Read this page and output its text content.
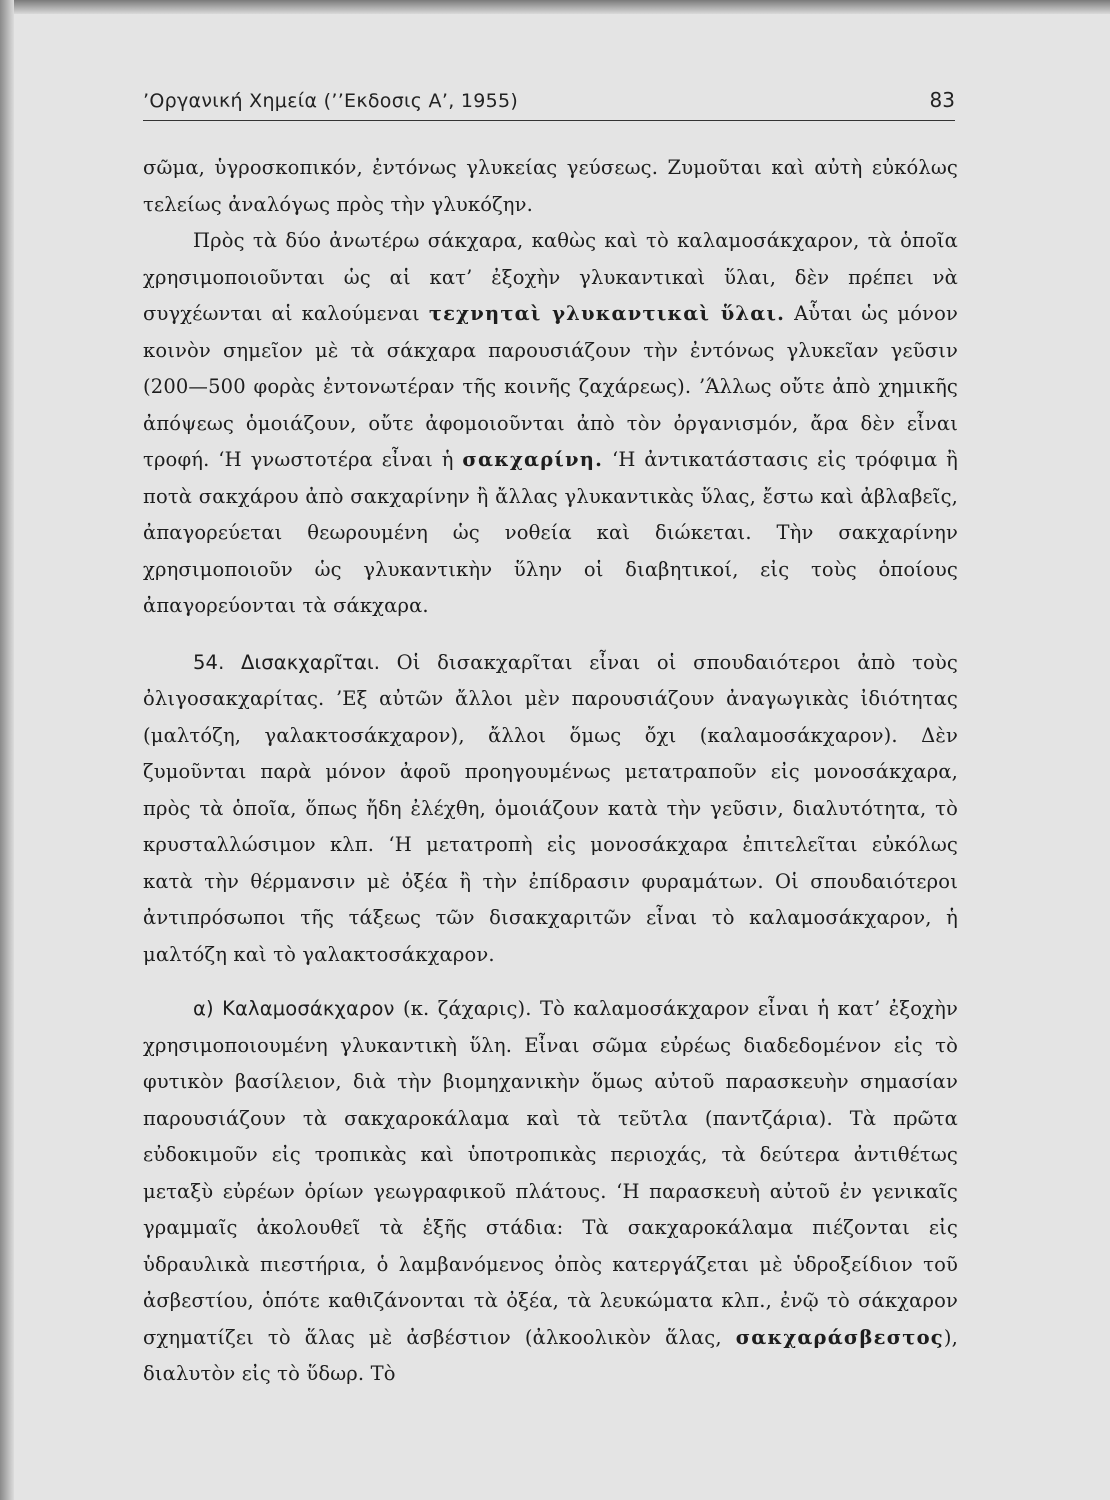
’Οργανική Χημεία (’’Εκδοσις Α’, 1955)	83

σῶμα, ὑγροσκοπικόν, ἐντόνως γλυκείας γεύσεως. Ζυμοῦται καὶ αὐτὴ εὐκόλως τελείως ἀναλόγως πρὸς τὴν γλυκόζην.

Πρὸς τὰ δύο ἀνωτέρω σάκχαρα, καθὼς καὶ τὸ καλαμοσάκχαρον, τὰ ὁποῖα χρησιμοποιοῦνται ὡς αἱ κατ’ ἐξοχὴν γλυκαντικαὶ ὕλαι, δὲν πρέπει νὰ συγχέωνται αἱ καλούμεναι τεχνηταὶ γλυκαντικαὶ ὕλαι. Αὗται ὡς μόνον κοινὸν σημεῖον μὲ τὰ σάκχαρα παρουσιάζουν τὴν ἐντόνως γλυκεῖαν γεῦσιν (200—500 φορὰς ἐντονωτέραν τῆς κοινῆς ζαχάρεως). ’Άλλως οὔτε ἀπὸ χημικῆς ἀπόψεως ὁμοιάζουν, οὔτε ἀφομοιοῦνται ἀπὸ τὸν ὀργανισμόν, ἄρα δὲν εἶναι τροφή. ‘Η γνωστοτέρα εἶναι ἡ σακχαρίνη. ‘Η ἀντικατάστασις εἰς τρόφιμα ἢ ποτὰ σακχάρου ἀπὸ σακχαρίνην ἢ ἄλλας γλυκαντικὰς ὕλας, ἔστω καὶ ἀβλαβεῖς, ἀπαγορεύεται θεωρουμένη ὡς νοθεία καὶ διώκεται. Τὴν σακχαρίνην χρησιμοποιοῦν ὡς γλυκαντικὴν ὕλην οἱ διαβητικοί, εἰς τοὺς ὁποίους ἀπαγορεύονται τὰ σάκχαρα.

54. Δισακχαρῖται. Οἱ δισακχαρῖται εἶναι οἱ σπουδαιότεροι ἀπὸ τοὺς ὀλιγοσακχαρίτας. ’Εξ αὐτῶν ἄλλοι μὲν παρουσιάζουν ἀναγωγικὰς ἰδιότητας (μαλτόζη, γαλακτοσάκχαρον), ἄλλοι ὅμως ὄχι (καλαμοσάκχαρον). Δὲν ζυμοῦνται παρὰ μόνον ἀφοῦ προηγουμένως μετατραποῦν εἰς μονοσάκχαρα, πρὸς τὰ ὁποῖα, ὅπως ἤδη ἐλέχθη, ὁμοιάζουν κατὰ τὴν γεῦσιν, διαλυτότητα, τὸ κρυσταλλώσιμον κλπ. ‘Η μετατροπὴ εἰς μονοσάκχαρα ἐπιτελεῖται εὐκόλως κατὰ τὴν θέρμανσιν μὲ ὀξέα ἢ τὴν ἐπίδρασιν φυραμάτων. Οἱ σπουδαιότεροι ἀντιπρόσωποι τῆς τάξεως τῶν δισακχαριτῶν εἶναι τὸ καλαμοσάκχαρον, ἡ μαλτόζη καὶ τὸ γαλακτοσάκχαρον.

α) Καλαμοσάκχαρον (κ. ζάχαρις). Τὸ καλαμοσάκχαρον εἶναι ἡ κατ’ ἐξοχὴν χρησιμοποιουμένη γλυκαντικὴ ὕλη. Εἶναι σῶμα εὐρέως διαδεδομένον εἰς τὸ φυτικὸν βασίλειον, διὰ τὴν βιομηχανικὴν ὅμως αὐτοῦ παρασκευὴν σημασίαν παρουσιάζουν τὰ σακχαροκάλαμα καὶ τὰ τεῦτλα (παντζάρια). Τὰ πρῶτα εὐδοκιμοῦν εἰς τροπικὰς καὶ ὑποτροπικὰς περιοχάς, τὰ δεύτερα ἀντιθέτως μεταξὺ εὐρέων ὁρίων γεωγραφικοῦ πλάτους. ‘Η παρασκευὴ αὐτοῦ ἐν γενικαῖς γραμμαῖς ἀκολουθεῖ τὰ ἑξῆς στάδια: Τὰ σακχαροκάλαμα πιέζονται εἰς ὑδραυλικὰ πιεστήρια, ὁ λαμβανόμενος ὀπὸς κατεργάζεται μὲ ὑδροξείδιον τοῦ ἀσβεστίου, ὁπότε καθιζάνονται τὰ ὀξέα, τὰ λευκώματα κλπ., ἐνῷ τὸ σάκχαρον σχηματίζει τὸ ἅλας μὲ ἀσβέστιον (ἀλκοολικὸν ἅλας, σακχαράσβεστος), διαλυτὸν εἰς τὸ ὕδωρ. Τὸ
